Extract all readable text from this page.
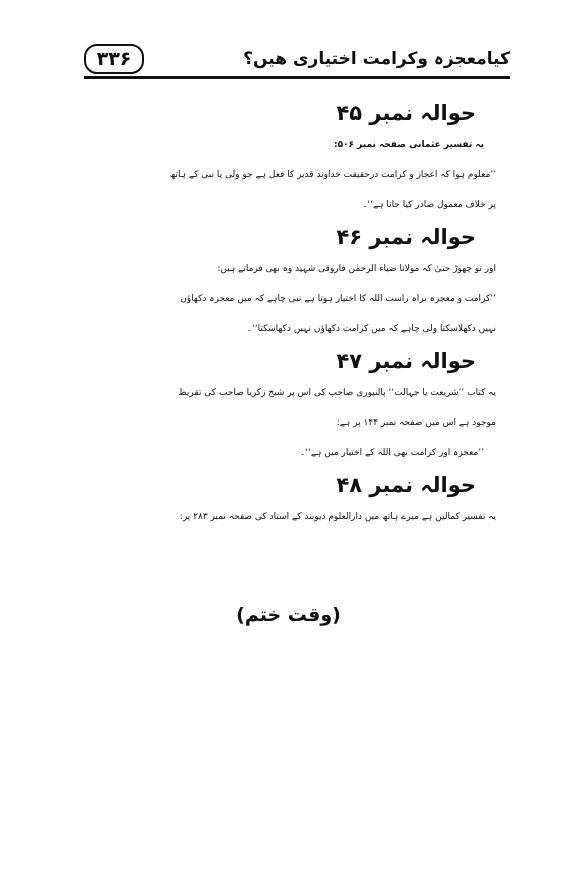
۳۳۶	کیامعجزہ وکرامت اختیاری ھیں؟
حوالہ نمبر ۴۵
یہ تفسیر عثمانی صفحہ نمبر ۵۰۶:
’’معلوم ہوا کہ اعجاز و کرامت درحقیقت خداوند قدیر کا فعل ہے جو ولی یا نبی کے ہاتھ
پر خلاف معمول صادر کیا جاتا ہے‘‘۔
حوالہ نمبر ۴۶
اور تو چھوڑ حتیٰ کہ مولانا ضیاء الرحمٰن فاروقی شہید وہ بھی فرماتے ہیں:
’’کرامت و معجزہ براہ راست اللہ کا اختیار ہوتا ہے نبی چاہے کہ میں معجزہ دکھاؤں
نہیں دکھلاسکتا ولی چاہے کہ میں کرامت دکھاؤں نہیں دکھاسکتا‘‘۔
حوالہ نمبر ۴۷
یہ کتاب ’’شریعت یا جہالت‘‘ پالنپوری صاحب کی اس پر شیخ زکریا صاحب کی تقریظ
موجود ہے اس میں صفحہ نمبر ۱۴۴ پر ہے:
’’معجزہ اور کرامت بھی اللہ کے اختیار میں ہے‘‘۔
حوالہ نمبر ۴۸
یہ تفسیر کمالین ہے میرے ہاتھ میں دارالعلوم دیوبند کے استاد کی صفحہ نمبر ۲۸۳ پر:
(وقت ختم)
